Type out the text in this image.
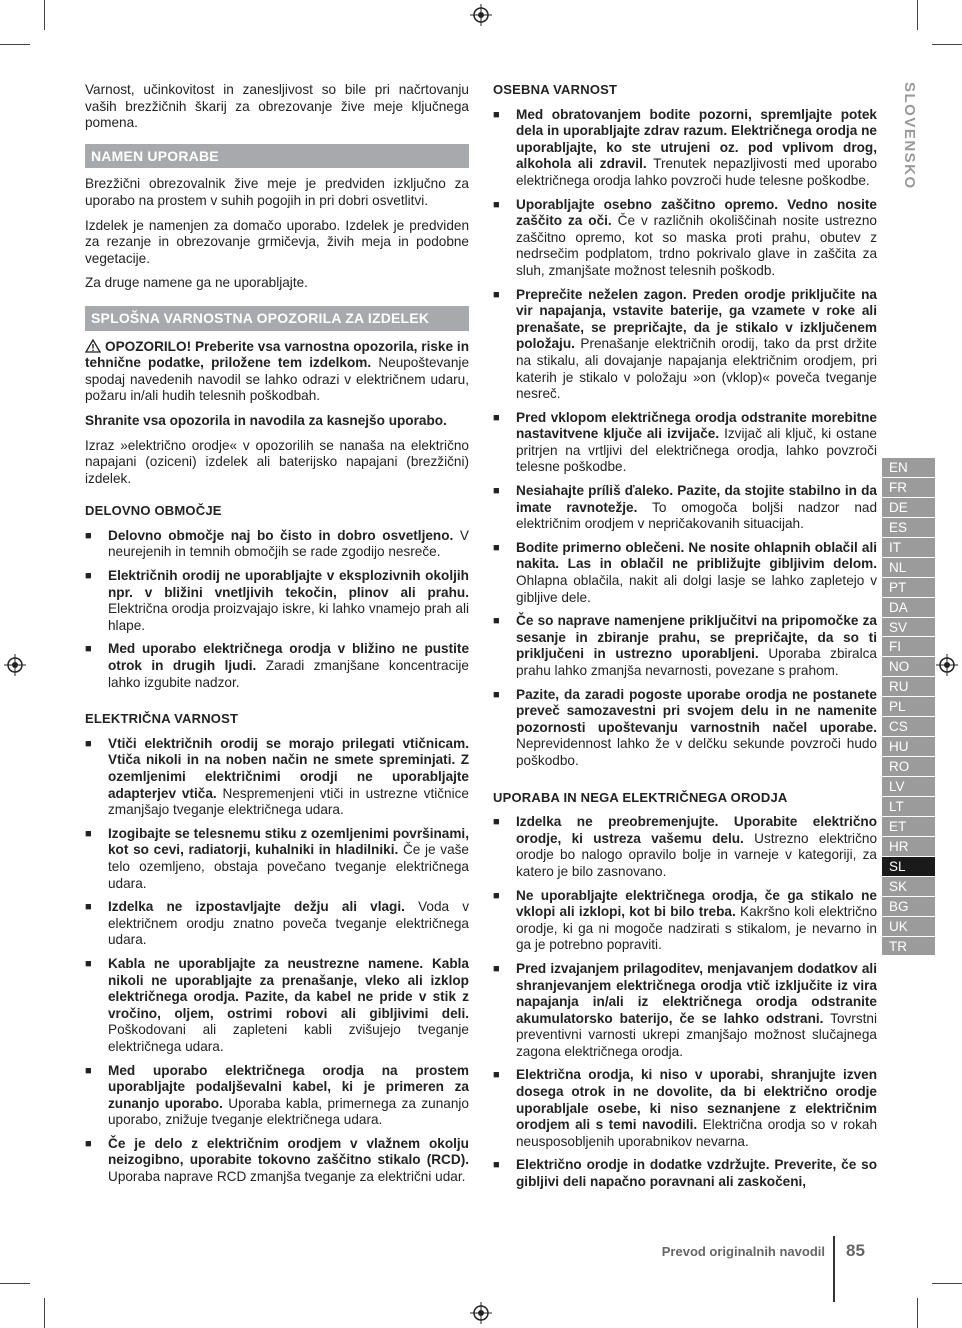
Varnost, učinkovitost in zanesljivost so bile pri načrtovanju vaših brezžičnih škarij za obrezovanje žive meje ključnega pomena.

NAMEN UPORABE

Brezžični obrezovalnik žive meje je predviden izključno za uporabo na prostem v suhih pogojih in pri dobri osvetlitvi.

Izdelek je namenjen za domačo uporabo. Izdelek je predviden za rezanje in obrezovanje grmičevja, živih meja in podobne vegetacije.

Za druge namene ga ne uporabljajte.

SPLOŠNA VARNOSTNA OPOZORILA ZA IZDELEK

OPOZORILO! Preberite vsa varnostna opozorila, riske in tehnične podatke, priložene tem izdelkom. Neupoštevanje spodaj navedenih navodil se lahko odrazi v električnem udaru, požaru in/ali hudih telesnih poškodbah.

Shranite vsa opozorila in navodila za kasnejšo uporabo.

Izraz »električno orodje« v opozorilih se nanaša na električno napajani (oziceni) izdelek ali baterijsko napajani (brezžični) izdelek.

DELOVNO OBMOČJE
■ Delovno območje naj bo čisto in dobro osvetljeno. V neurejenih in temnih območjih se rade zgodijo nesreče.
■ Električnih orodij ne uporabljajte v eksplozivnih okoljih npr. v bližini vnetljivih tekočin, plinov ali prahu. Električna orodja proizvajajo iskre, ki lahko vnamejo prah ali hlape.
■ Med uporabo električnega orodja v bližino ne pustite otrok in drugih ljudi. Zaradi zmanjšane koncentracije lahko izgubite nadzor.
ELEKTRIČNA VARNOST
■ Vtiči električnih orodij se morajo prilegati vtičnicam. Vtiča nikoli in na noben način ne smete spreminjati. Z ozemljenimi električnimi orodji ne uporabljajte adapterjev vtiča. Nespremenjeni vtiči in ustrezne vtičnice zmanjšajo tveganje električnega udara.
■ Izogibajte se telesnemu stiku z ozemljenimi površinami, kot so cevi, radiatorji, kuhalniki in hladilniki. Če je vaše telo ozemljeno, obstaja povečano tveganje električnega udara.
■ Izdelka ne izpostavljajte dežju ali vlagi. Voda v električnem orodju znatno poveča tveganje električnega udara.
■ Kabla ne uporabljajte za neustrezne namene. Kabla nikoli ne uporabljajte za prenašanje, vleko ali izklop električnega orodja. Pazite, da kabel ne pride v stik z vročino, oljem, ostrimi robovi ali gibljivimi deli. Poškodovani ali zapleteni kabli zvišujejo tveganje električnega udara.
■ Med uporabo električnega orodja na prostem uporabljajte podaljševalni kabel, ki je primeren za zunanjo uporabo. Uporaba kabla, primernega za zunanjo uporabo, znižuje tveganje električnega udara.
■ Če je delo z električnim orodjem v vlažnem okolju neizogibno, uporabite tokovno zaščitno stikalo (RCD). Uporaba naprave RCD zmanjša tveganje za električni udar.
OSEBNA VARNOST
■ Med obratovanjem bodite pozorni, spremljajte potek dela in uporabljajte zdrav razum. Električnega orodja ne uporabljajte, ko ste utrujeni oz. pod vplivom drog, alkohola ali zdravil. Trenutek nepazljivosti med uporabo električnega orodja lahko povzroči hude telesne poškodbe.
■ Uporabljajte osebno zaščitno opremo. Vedno nosite zaščito za oči. Če v različnih okoliščinah nosite ustrezno zaščitno opremo, kot so maska proti prahu, obutev z nedrsečim podplatom, trdno pokrivalo glave in zaščita za sluh, zmanjšate možnost telesnih poškodb.
■ Preprečite neželen zagon. Preden orodje priključite na vir napajanja, vstavite baterije, ga vzamete v roke ali prenašate, se prepričajte, da je stikalo v izključenem položaju. Prenašanje električnih orodij, tako da prst držite na stikalu, ali dovajanje napajanja električnim orodjem, pri katerih je stikalo v položaju »on (vklop)« poveča tveganje nesreč.
■ Pred vklopom električnega orodja odstranite morebitne nastavitvene ključe ali izvijače. Izvijač ali ključ, ki ostane pritrjen na vrtljivi del električnega orodja, lahko povzroči telesne poškodbe.
■ Nesiahajte príliš ďaleko. Pazite, da stojite stabilno in da imate ravnotežje. To omogoča boljši nadzor nad električnim orodjem v nepričakovanih situacijah.
■ Bodite primerno oblečeni. Ne nosite ohlapnih oblačil ali nakita. Las in oblačil ne približujte gibljivim delom. Ohlapna oblačila, nakit ali dolgi lasje se lahko zapletejo v gibljive dele.
■ Če so naprave namenjene priključitvi na pripomočke za sesanje in zbiranje prahu, se prepričajte, da so ti priključeni in ustrezno uporabljeni. Uporaba zbiralca prahu lahko zmanjša nevarnosti, povezane s prahom.
■ Pazite, da zaradi pogoste uporabe orodja ne postanete preveč samozavestni pri svojem delu in ne namenite pozornosti upoštevanju varnostnih načel uporabe. Neprevidennost lahko že v delčku sekunde povzroči hudo poškodbo.
UPORABA IN NEGA ELEKTRIČNEGA ORODJA
■ Izdelka ne preobremenjujte. Uporabite električno orodje, ki ustreza vašemu delu. Ustrezno električno orodje bo nalogo opravilo bolje in varneje v kategoriji, za katero je bilo zasnovano.
■ Ne uporabljajte električnega orodja, če ga stikalo ne vklopi ali izklopi, kot bi bilo treba. Kakršno koli električno orodje, ki ga ni mogoče nadzirati s stikalom, je nevarno in ga je potrebno popraviti.
■ Pred izvajanjem prilagoditev, menjavanjem dodatkov ali shranjevanjem električnega orodja vtič izključite iz vira napajanja in/ali iz električnega orodja odstranite akumulatorsko baterijo, če se lahko odstrani. Tovrstni preventivni varnosti ukrepi zmanjšajo možnost slučajnega zagona električnega orodja.
■ Električna orodja, ki niso v uporabi, shranjujte izven dosega otrok in ne dovolite, da bi električno orodje uporabljale osebe, ki niso seznanjene z električnim orodjem ali s temi navodili. Električna orodja so v rokah neusposobljenih uporabnikov nevarna.
■ Električno orodje in dodatke vzdržujte. Preverite, če so gibljivi deli napačno poravnani ali zaskočeni,
SLOVENSKO
EN
FR
DE
ES
IT
NL
PT
DA
SV
FI
NO
RU
PL
CS
HU
RO
LV
LT
ET
HR
SL
SK
BG
UK
TR
Prevod originalnih navodil 85
